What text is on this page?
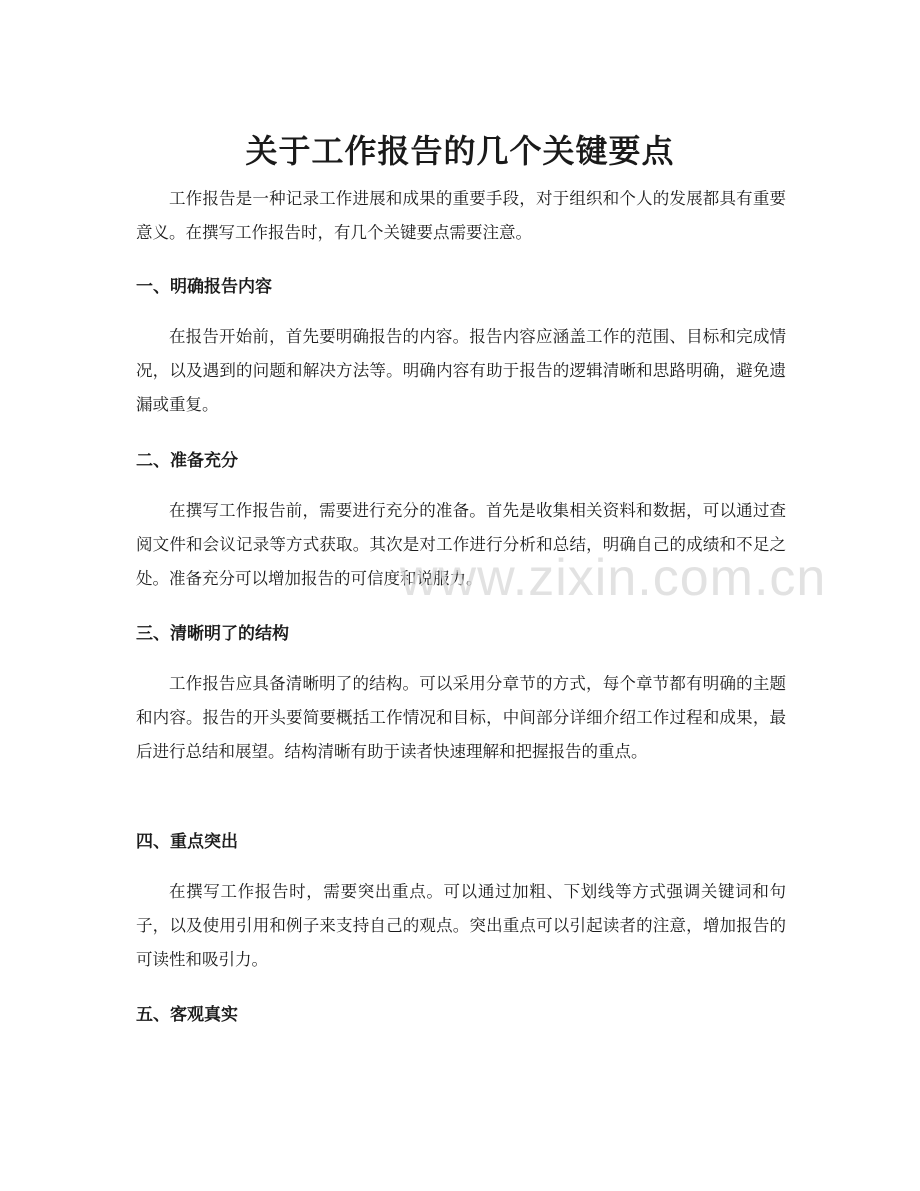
关于工作报告的几个关键要点

工作报告是一种记录工作进展和成果的重要手段，对于组织和个人的发展都具有重要意义。在撰写工作报告时，有几个关键要点需要注意。

一、明确报告内容

在报告开始前，首先要明确报告的内容。报告内容应涵盖工作的范围、目标和完成情况，以及遇到的问题和解决方法等。明确内容有助于报告的逻辑清晰和思路明确，避免遗漏或重复。

二、准备充分

在撰写工作报告前，需要进行充分的准备。首先是收集相关资料和数据，可以通过查阅文件和会议记录等方式获取。其次是对工作进行分析和总结，明确自己的成绩和不足之处。准备充分可以增加报告的可信度和说服力。

三、清晰明了的结构

工作报告应具备清晰明了的结构。可以采用分章节的方式，每个章节都有明确的主题和内容。报告的开头要简要概括工作情况和目标，中间部分详细介绍工作过程和成果，最后进行总结和展望。结构清晰有助于读者快速理解和把握报告的重点。

四、重点突出

在撰写工作报告时，需要突出重点。可以通过加粗、下划线等方式强调关键词和句子，以及使用引用和例子来支持自己的观点。突出重点可以引起读者的注意，增加报告的可读性和吸引力。

五、客观真实
www.zixin.com.cn
